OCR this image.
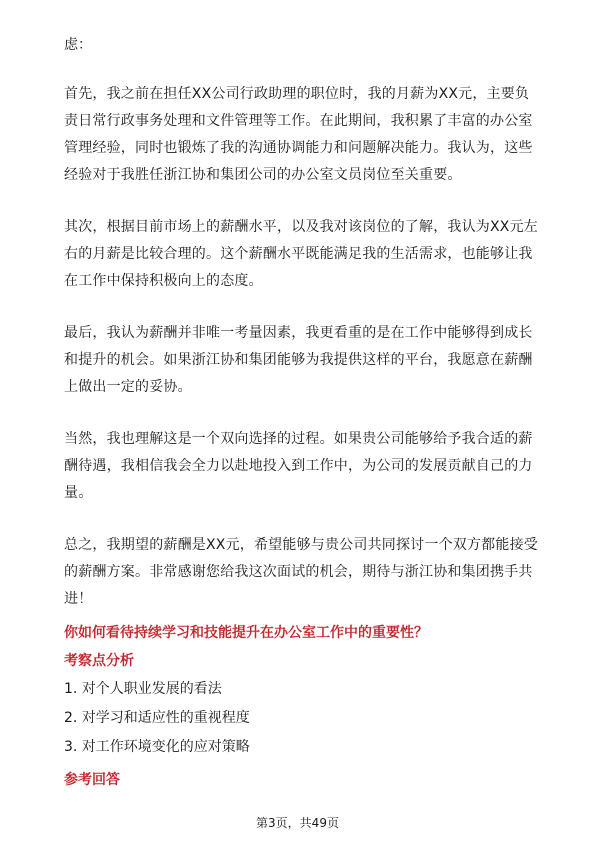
虑：

首先，我之前在担任XX公司行政助理的职位时，我的月薪为XX元，主要负责日常行政事务处理和文件管理等工作。在此期间，我积累了丰富的办公室管理经验，同时也锻炼了我的沟通协调能力和问题解决能力。我认为，这些经验对于我胜任浙江协和集团公司的办公室文员岗位至关重要。

其次，根据目前市场上的薪酬水平，以及我对该岗位的了解，我认为XX元左右的月薪是比较合理的。这个薪酬水平既能满足我的生活需求，也能够让我在工作中保持积极向上的态度。

最后，我认为薪酬并非唯一考量因素，我更看重的是在工作中能够得到成长和提升的机会。如果浙江协和集团能够为我提供这样的平台，我愿意在薪酬上做出一定的妥协。

当然，我也理解这是一个双向选择的过程。如果贵公司能够给予我合适的薪酬待遇，我相信我会全力以赴地投入到工作中，为公司的发展贡献自己的力量。

总之，我期望的薪酬是XX元，希望能够与贵公司共同探讨一个双方都能接受的薪酬方案。非常感谢您给我这次面试的机会，期待与浙江协和集团携手共进！

你如何看待持续学习和技能提升在办公室工作中的重要性？
考察点分析
1. 对个人职业发展的看法
2. 对学习和适应性的重视程度
3. 对工作环境变化的应对策略
参考回答
第3页，共49页
